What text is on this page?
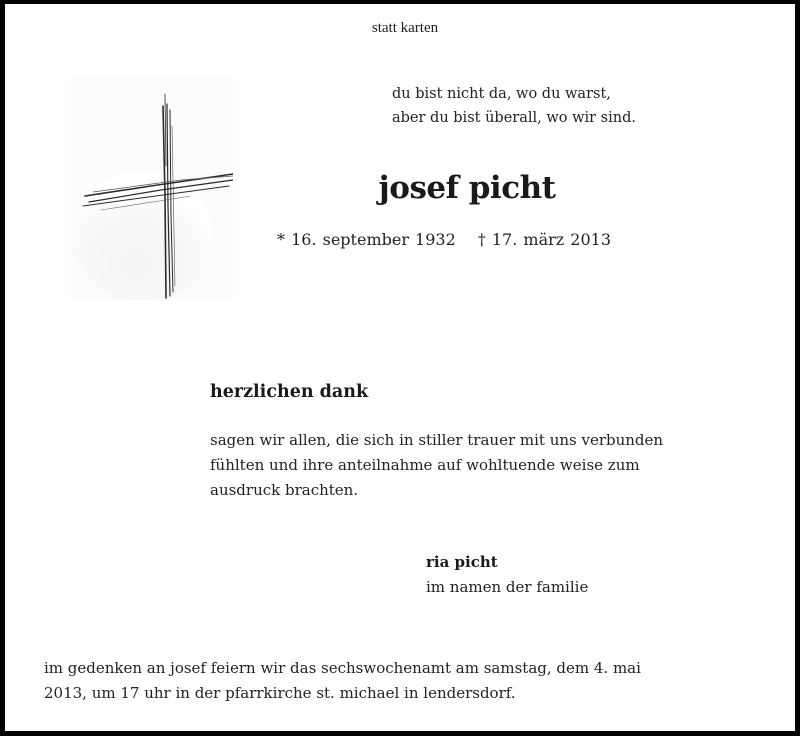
statt karten
du bist nicht da, wo du warst,
aber du bist überall, wo wir sind.
josef picht
* 16. september 1932 † 17. märz 2013
herzlichen dank
sagen wir allen, die sich in stiller trauer mit uns verbunden
fühlten und ihre anteilnahme auf wohltuende weise zum
ausdruck brachten.
ria picht
im namen der familie
im gedenken an josef feiern wir das sechswochenamt am samstag, dem 4. mai
2013, um 17 uhr in der pfarrkirche st. michael in lendersdorf.
